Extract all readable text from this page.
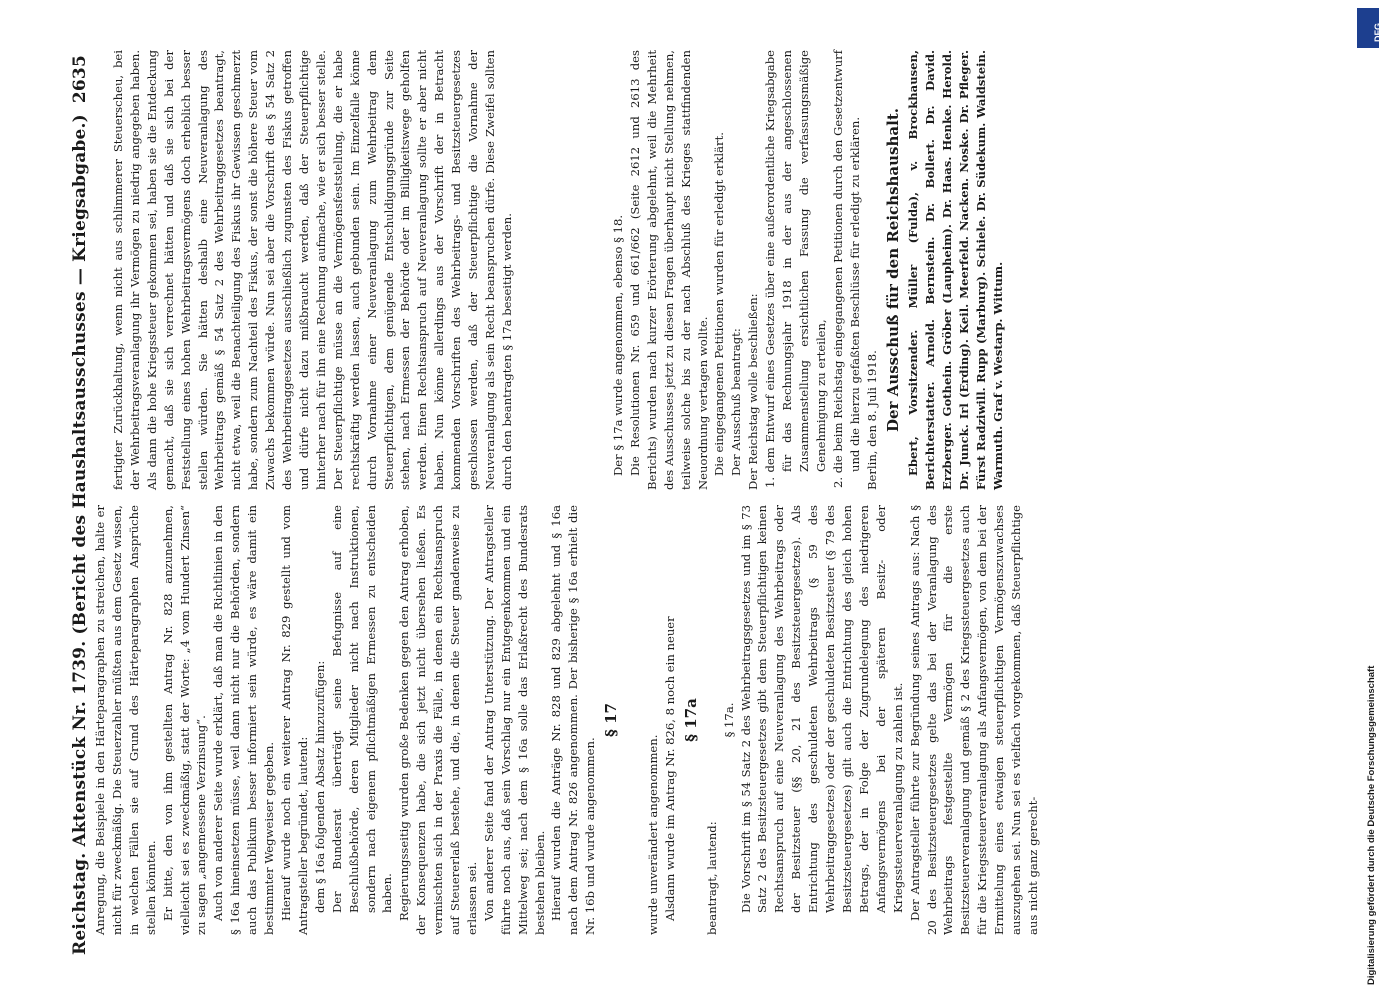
Reichstag. Aktenstück Nr. 1739. (Bericht des Haushaltsausschusses — Kriegsabgabe.)
2635

Anregung, die Beispiele in den Härteparagraphen zu streichen, halte er nicht für zweckmäßig. Die Steuerzahler müßten aus dem Gesetz wissen, in welchen Fällen sie auf Grund des Härteparagraphen Ansprüche stellen könnten. Er bitte, den von ihm gestellten Antrag Nr. 828 anzunehmen, vielleicht sei es zweckmäßig, statt der Worte: „4 vom Hundert Zinsen“ zu sagen „angemessene Verzinsung“. Auch von anderer Seite wurde erklärt, daß man die Richtlinien in den § 16a hineinsetzen müsse, weil dann nicht nur die Behörden, sondern auch das Publikum besser informiert sein würde, es wäre damit ein bestimmter Wegweiser gegeben. Hierauf wurde noch ein weiterer Antrag Nr. 829 gestellt und vom Antragsteller begründet, lautend: dem § 16a folgenden Absatz hinzuzufügen: Der Bundesrat überträgt seine Befugnisse auf eine Beschlußbehörde, deren Mitglieder nicht nach Instruktionen, sondern nach eigenem pflichtmäßigen Ermessen zu entscheiden haben. Regierungsseitig wurden große Bedenken gegen den Antrag erhoben, der Konsequenzen habe, die sich jetzt nicht übersehen ließen. Es vermischten sich in der Praxis die Fälle, in denen ein Rechtsanspruch auf Steuererlaß bestehe, und die, in denen die Steuer gnadenweise zu erlassen sei. Von anderer Seite fand der Antrag Unterstützung. Der Antragsteller führte noch aus, daß sein Vorschlag nur ein Entgegenkommen und ein Mittelweg sei; nach dem § 16a solle das Erlaßrecht des Bundesrats bestehen bleiben. Hierauf wurden die Anträge Nr. 828 und 829 abgelehnt und § 16a nach dem Antrag Nr. 826 angenommen. Der bisherige § 16a erhielt die Nr. 16b und wurde angenommen.

§ 17

wurde unverändert angenommen. Alsdann wurde im Antrag Nr. 826, 8 noch ein neuer § 17a

beantragt, lautend:

§ 17a. Die Vorschrift im § 54 Satz 2 des Wehrbeitragsgesetzes und im § 73 Satz 2 des Besitzsteuergesetzes gibt dem Steuerpflichtigen keinen Rechtsanspruch auf eine Neuveranlagung des Wehrbeitrags oder der Besitzsteuer (§§ 20, 21 des Besitzsteuergesetzes). Als Entrichtung des geschuldeten Wehrbeitrags (§ 59 des Wehrbeitraggesetzes) oder der geschuldeten Besitzsteuer (§ 79 des Besitzsteuergesetzes) gilt auch die Entrichtung des gleich hohen Betrags, der in Folge der Zugrundelegung des niedrigeren Anfangsvermögens bei der späteren Besitz- oder Kriegssteuerveranlagung zu zahlen ist. Der Antragsteller führte zur Begründung seines Antrags aus: Nach § 20 des Besitzsteuergesetzes gelte das bei der Veranlagung des Wehrbeitrags festgestellte Vermögen für die erste Besitzsteuerveranlagung und gemäß § 2 des Kriegssteuergesetzes auch für die Kriegssteuerveranlagung als Anfangsvermögen, von dem bei der Ermittelung eines etwaigen steuerpflichtigen Vermögenszuwachses auszugehen sei. Nun sei es vielfach vorgekommen, daß Steuerpflichtige aus nicht ganz gerecht-

fertigter Zurückhaltung, wenn nicht aus schlimmerer Steuerscheu, bei der Wehrbeitragsveranlagung ihr Vermögen zu niedrig angegeben haben. Als dann die hohe Kriegssteuer gekommen sei, haben sie die Entdeckung gemacht, daß sie sich verrechnet hätten und daß sie sich bei der Feststellung eines hohen Wehrbeitragsvermögens doch erheblich besser stellen würden. Sie hätten deshalb eine Neuveranlagung des Wehrbeitrags gemäß § 54 Satz 2 des Wehrbeitraggesetzes beantragt, nicht etwa, weil die Benachteiligung des Fiskus ihr Gewissen geschmerzt habe, sondern zum Nachteil des Fiskus, der sonst die höhere Steuer vom Zuwachs bekommen würde. Nun sei aber die Vorschrift des § 54 Satz 2 des Wehrbeitraggesetzes ausschließlich zugunsten des Fiskus getroffen und dürfe nicht dazu mißbraucht werden, daß der Steuerpflichtige hinterher nach für ihn eine Rechnung aufmache, wie er sich besser stelle. Der Steuerpflichtige müsse an die Vermögensfeststellung, die er habe rechtskräftig werden lassen, auch gebunden sein. Im Einzelfalle könne durch Vornahme einer Neuveranlagung zum Wehrbeitrag dem Steuerpflichtigen, dem genügende Entschuldigungsgründe zur Seite stehen, nach Ermessen der Behörde oder im Billigkeitswege geholfen werden. Einen Rechtsanspruch auf Neuveranlagung sollte er aber nicht haben. Nun könne allerdings aus der Vorschrift der in Betracht kommenden Vorschriften des Wehrbeitrags- und Besitzsteuergesetzes geschlossen werden, daß der Steuerpflichtige die Vornahme der Neuveranlagung als sein Recht beanspruchen dürfe. Diese Zweifel sollten durch den beantragten § 17a beseitigt werden.	Der § 17a wurde angenommen, ebenso § 18. Die Resolutionen Nr. 659 und 661/662 (Seite 2612 und 2613 des Berichts) wurden nach kurzer Erörterung abgelehnt, weil die Mehrheit des Ausschusses jetzt zu diesen Fragen überhaupt nicht Stellung nehmen, teilweise solche bis zu der nach Abschluß des Krieges stattfindenden Neuordnung vertagen wollte. Die eingegangenen Petitionen wurden für erledigt erklärt. Der Ausschuß beantragt: Der Reichstag wolle beschließen: 1. dem Entwurf eines Gesetzes über eine außerordentliche Kriegsabgabe für das Rechnungsjahr 1918 in der aus der angeschlossenen Zusammenstellung ersichtlichen Fassung die verfassungsmäßige Genehmigung zu erteilen, 2. die beim Reichstag eingegangenen Petitionen durch den Gesetzentwurf und die hierzu gefaßten Beschlüsse für erledigt zu erklären. Berlin, den 8. Juli 1918. Der Ausschuß für den Reichshaushalt. Ebert, Vorsitzender. Müller (Fulda), v. Brockhausen, Berichterstatter. Arnold. Bernstein. Dr. Bollert. Dr. David. Erzberger. Gothein. Gröber (Laupheim). Dr. Haas. Henke. Herold. Dr. Junck. Irl (Erding). Keil. Meerfeld. Nacken. Noske. Dr. Pfleger. Fürst Radziwill. Rupp (Marburg). Schiele. Dr. Südekum. Waldstein. Warmuth. Graf v. Westarp. Wittum.

Digitalisierung gefördert durch die Deutsche Forschungsgemeinschaft
DFG
